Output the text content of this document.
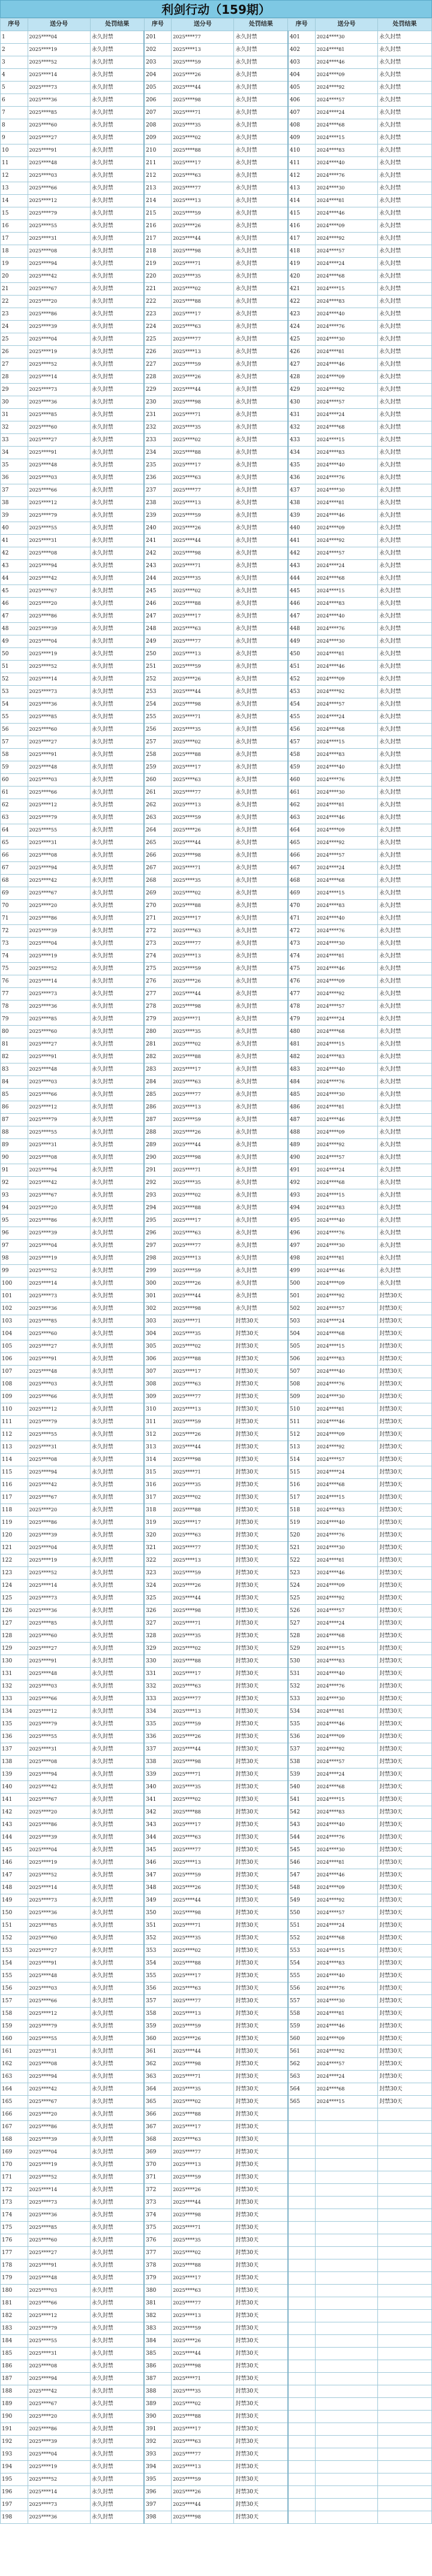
利剑行动（159期）
序号	送分号	处罚结果	序号	送分号	处罚结果	序号	送分号	处罚结果
1	2025****04	永久封禁	201	2025****77	永久封禁	401	2024****30	永久封禁
2	2025****19	永久封禁	202	2025****13	永久封禁	402	2024****81	永久封禁
3	2025****52	永久封禁	203	2025****59	永久封禁	403	2024****46	永久封禁
4	2025****14	永久封禁	204	2025****26	永久封禁	404	2024****09	永久封禁
5	2025****73	永久封禁	205	2025****44	永久封禁	405	2024****92	永久封禁
6	2025****36	永久封禁	206	2025****98	永久封禁	406	2024****57	永久封禁
7	2025****85	永久封禁	207	2025****71	永久封禁	407	2024****24	永久封禁
8	2025****60	永久封禁	208	2025****35	永久封禁	408	2024****68	永久封禁
9	2025****27	永久封禁	209	2025****02	永久封禁	409	2024****15	永久封禁
10	2025****91	永久封禁	210	2025****88	永久封禁	410	2024****83	永久封禁
11	2025****48	永久封禁	211	2025****17	永久封禁	411	2024****40	永久封禁
12	2025****03	永久封禁	212	2025****63	永久封禁	412	2024****76	永久封禁
13	2025****66	永久封禁	213	2025****77	永久封禁	413	2024****30	永久封禁
14	2025****12	永久封禁	214	2025****13	永久封禁	414	2024****81	永久封禁
15	2025****79	永久封禁	215	2025****59	永久封禁	415	2024****46	永久封禁
16	2025****55	永久封禁	216	2025****26	永久封禁	416	2024****09	永久封禁
17	2025****31	永久封禁	217	2025****44	永久封禁	417	2024****92	永久封禁
18	2025****08	永久封禁	218	2025****98	永久封禁	418	2024****57	永久封禁
19	2025****94	永久封禁	219	2025****71	永久封禁	419	2024****24	永久封禁
20	2025****42	永久封禁	220	2025****35	永久封禁	420	2024****68	永久封禁
21	2025****67	永久封禁	221	2025****02	永久封禁	421	2024****15	永久封禁
22	2025****20	永久封禁	222	2025****88	永久封禁	422	2024****83	永久封禁
23	2025****86	永久封禁	223	2025****17	永久封禁	423	2024****40	永久封禁
24	2025****39	永久封禁	224	2025****63	永久封禁	424	2024****76	永久封禁
25	2025****04	永久封禁	225	2025****77	永久封禁	425	2024****30	永久封禁
26	2025****19	永久封禁	226	2025****13	永久封禁	426	2024****81	永久封禁
27	2025****52	永久封禁	227	2025****59	永久封禁	427	2024****46	永久封禁
28	2025****14	永久封禁	228	2025****26	永久封禁	428	2024****09	永久封禁
29	2025****73	永久封禁	229	2025****44	永久封禁	429	2024****92	永久封禁
30	2025****36	永久封禁	230	2025****98	永久封禁	430	2024****57	永久封禁
31	2025****85	永久封禁	231	2025****71	永久封禁	431	2024****24	永久封禁
32	2025****60	永久封禁	232	2025****35	永久封禁	432	2024****68	永久封禁
33	2025****27	永久封禁	233	2025****02	永久封禁	433	2024****15	永久封禁
34	2025****91	永久封禁	234	2025****88	永久封禁	434	2024****83	永久封禁
35	2025****48	永久封禁	235	2025****17	永久封禁	435	2024****40	永久封禁
36	2025****03	永久封禁	236	2025****63	永久封禁	436	2024****76	永久封禁
37	2025****66	永久封禁	237	2025****77	永久封禁	437	2024****30	永久封禁
38	2025****12	永久封禁	238	2025****13	永久封禁	438	2024****81	永久封禁
39	2025****79	永久封禁	239	2025****59	永久封禁	439	2024****46	永久封禁
40	2025****55	永久封禁	240	2025****26	永久封禁	440	2024****09	永久封禁
41	2025****31	永久封禁	241	2025****44	永久封禁	441	2024****92	永久封禁
42	2025****08	永久封禁	242	2025****98	永久封禁	442	2024****57	永久封禁
43	2025****94	永久封禁	243	2025****71	永久封禁	443	2024****24	永久封禁
44	2025****42	永久封禁	244	2025****35	永久封禁	444	2024****68	永久封禁
45	2025****67	永久封禁	245	2025****02	永久封禁	445	2024****15	永久封禁
46	2025****20	永久封禁	246	2025****88	永久封禁	446	2024****83	永久封禁
47	2025****86	永久封禁	247	2025****17	永久封禁	447	2024****40	永久封禁
48	2025****39	永久封禁	248	2025****63	永久封禁	448	2024****76	永久封禁
49	2025****04	永久封禁	249	2025****77	永久封禁	449	2024****30	永久封禁
50	2025****19	永久封禁	250	2025****13	永久封禁	450	2024****81	永久封禁
51	2025****52	永久封禁	251	2025****59	永久封禁	451	2024****46	永久封禁
52	2025****14	永久封禁	252	2025****26	永久封禁	452	2024****09	永久封禁
53	2025****73	永久封禁	253	2025****44	永久封禁	453	2024****92	永久封禁
54	2025****36	永久封禁	254	2025****98	永久封禁	454	2024****57	永久封禁
55	2025****85	永久封禁	255	2025****71	永久封禁	455	2024****24	永久封禁
56	2025****60	永久封禁	256	2025****35	永久封禁	456	2024****68	永久封禁
57	2025****27	永久封禁	257	2025****02	永久封禁	457	2024****15	永久封禁
58	2025****91	永久封禁	258	2025****88	永久封禁	458	2024****83	永久封禁
59	2025****48	永久封禁	259	2025****17	永久封禁	459	2024****40	永久封禁
60	2025****03	永久封禁	260	2025****63	永久封禁	460	2024****76	永久封禁
61	2025****66	永久封禁	261	2025****77	永久封禁	461	2024****30	永久封禁
62	2025****12	永久封禁	262	2025****13	永久封禁	462	2024****81	永久封禁
63	2025****79	永久封禁	263	2025****59	永久封禁	463	2024****46	永久封禁
64	2025****55	永久封禁	264	2025****26	永久封禁	464	2024****09	永久封禁
65	2025****31	永久封禁	265	2025****44	永久封禁	465	2024****92	永久封禁
66	2025****08	永久封禁	266	2025****98	永久封禁	466	2024****57	永久封禁
67	2025****94	永久封禁	267	2025****71	永久封禁	467	2024****24	永久封禁
68	2025****42	永久封禁	268	2025****35	永久封禁	468	2024****68	永久封禁
69	2025****67	永久封禁	269	2025****02	永久封禁	469	2024****15	永久封禁
70	2025****20	永久封禁	270	2025****88	永久封禁	470	2024****83	永久封禁
71	2025****86	永久封禁	271	2025****17	永久封禁	471	2024****40	永久封禁
72	2025****39	永久封禁	272	2025****63	永久封禁	472	2024****76	永久封禁
73	2025****04	永久封禁	273	2025****77	永久封禁	473	2024****30	永久封禁
74	2025****19	永久封禁	274	2025****13	永久封禁	474	2024****81	永久封禁
75	2025****52	永久封禁	275	2025****59	永久封禁	475	2024****46	永久封禁
76	2025****14	永久封禁	276	2025****26	永久封禁	476	2024****09	永久封禁
77	2025****73	永久封禁	277	2025****44	永久封禁	477	2024****92	永久封禁
78	2025****36	永久封禁	278	2025****98	永久封禁	478	2024****57	永久封禁
79	2025****85	永久封禁	279	2025****71	永久封禁	479	2024****24	永久封禁
80	2025****60	永久封禁	280	2025****35	永久封禁	480	2024****68	永久封禁
81	2025****27	永久封禁	281	2025****02	永久封禁	481	2024****15	永久封禁
82	2025****91	永久封禁	282	2025****88	永久封禁	482	2024****83	永久封禁
83	2025****48	永久封禁	283	2025****17	永久封禁	483	2024****40	永久封禁
84	2025****03	永久封禁	284	2025****63	永久封禁	484	2024****76	永久封禁
85	2025****66	永久封禁	285	2025****77	永久封禁	485	2024****30	永久封禁
86	2025****12	永久封禁	286	2025****13	永久封禁	486	2024****81	永久封禁
87	2025****79	永久封禁	287	2025****59	永久封禁	487	2024****46	永久封禁
88	2025****55	永久封禁	288	2025****26	永久封禁	488	2024****09	永久封禁
89	2025****31	永久封禁	289	2025****44	永久封禁	489	2024****92	永久封禁
90	2025****08	永久封禁	290	2025****98	永久封禁	490	2024****57	永久封禁
91	2025****94	永久封禁	291	2025****71	永久封禁	491	2024****24	永久封禁
92	2025****42	永久封禁	292	2025****35	永久封禁	492	2024****68	永久封禁
93	2025****67	永久封禁	293	2025****02	永久封禁	493	2024****15	永久封禁
94	2025****20	永久封禁	294	2025****88	永久封禁	494	2024****83	永久封禁
95	2025****86	永久封禁	295	2025****17	永久封禁	495	2024****40	永久封禁
96	2025****39	永久封禁	296	2025****63	永久封禁	496	2024****76	永久封禁
97	2025****04	永久封禁	297	2025****77	永久封禁	497	2024****30	永久封禁
98	2025****19	永久封禁	298	2025****13	永久封禁	498	2024****81	永久封禁
99	2025****52	永久封禁	299	2025****59	永久封禁	499	2024****46	永久封禁
100	2025****14	永久封禁	300	2025****26	永久封禁	500	2024****09	永久封禁
101	2025****73	永久封禁	301	2025****44	永久封禁	501	2024****92	封禁30天
102	2025****36	永久封禁	302	2025****98	永久封禁	502	2024****57	封禁30天
103	2025****85	永久封禁	303	2025****71	封禁30天	503	2024****24	封禁30天
104	2025****60	永久封禁	304	2025****35	封禁30天	504	2024****68	封禁30天
105	2025****27	永久封禁	305	2025****02	封禁30天	505	2024****15	封禁30天
106	2025****91	永久封禁	306	2025****88	封禁30天	506	2024****83	封禁30天
107	2025****48	永久封禁	307	2025****17	封禁30天	507	2024****40	封禁30天
108	2025****03	永久封禁	308	2025****63	封禁30天	508	2024****76	封禁30天
109	2025****66	永久封禁	309	2025****77	封禁30天	509	2024****30	封禁30天
110	2025****12	永久封禁	310	2025****13	封禁30天	510	2024****81	封禁30天
111	2025****79	永久封禁	311	2025****59	封禁30天	511	2024****46	封禁30天
112	2025****55	永久封禁	312	2025****26	封禁30天	512	2024****09	封禁30天
113	2025****31	永久封禁	313	2025****44	封禁30天	513	2024****92	封禁30天
114	2025****08	永久封禁	314	2025****98	封禁30天	514	2024****57	封禁30天
115	2025****94	永久封禁	315	2025****71	封禁30天	515	2024****24	封禁30天
116	2025****42	永久封禁	316	2025****35	封禁30天	516	2024****68	封禁30天
117	2025****67	永久封禁	317	2025****02	封禁30天	517	2024****15	封禁30天
118	2025****20	永久封禁	318	2025****88	封禁30天	518	2024****83	封禁30天
119	2025****86	永久封禁	319	2025****17	封禁30天	519	2024****40	封禁30天
120	2025****39	永久封禁	320	2025****63	封禁30天	520	2024****76	封禁30天
121	2025****04	永久封禁	321	2025****77	封禁30天	521	2024****30	封禁30天
122	2025****19	永久封禁	322	2025****13	封禁30天	522	2024****81	封禁30天
123	2025****52	永久封禁	323	2025****59	封禁30天	523	2024****46	封禁30天
124	2025****14	永久封禁	324	2025****26	封禁30天	524	2024****09	封禁30天
125	2025****73	永久封禁	325	2025****44	封禁30天	525	2024****92	封禁30天
126	2025****36	永久封禁	326	2025****98	封禁30天	526	2024****57	封禁30天
127	2025****85	永久封禁	327	2025****71	封禁30天	527	2024****24	封禁30天
128	2025****60	永久封禁	328	2025****35	封禁30天	528	2024****68	封禁30天
129	2025****27	永久封禁	329	2025****02	封禁30天	529	2024****15	封禁30天
130	2025****91	永久封禁	330	2025****88	封禁30天	530	2024****83	封禁30天
131	2025****48	永久封禁	331	2025****17	封禁30天	531	2024****40	封禁30天
132	2025****03	永久封禁	332	2025****63	封禁30天	532	2024****76	封禁30天
133	2025****66	永久封禁	333	2025****77	封禁30天	533	2024****30	封禁30天
134	2025****12	永久封禁	334	2025****13	封禁30天	534	2024****81	封禁30天
135	2025****79	永久封禁	335	2025****59	封禁30天	535	2024****46	封禁30天
136	2025****55	永久封禁	336	2025****26	封禁30天	536	2024****09	封禁30天
137	2025****31	永久封禁	337	2025****44	封禁30天	537	2024****92	封禁30天
138	2025****08	永久封禁	338	2025****98	封禁30天	538	2024****57	封禁30天
139	2025****94	永久封禁	339	2025****71	封禁30天	539	2024****24	封禁30天
140	2025****42	永久封禁	340	2025****35	封禁30天	540	2024****68	封禁30天
141	2025****67	永久封禁	341	2025****02	封禁30天	541	2024****15	封禁30天
142	2025****20	永久封禁	342	2025****88	封禁30天	542	2024****83	封禁30天
143	2025****86	永久封禁	343	2025****17	封禁30天	543	2024****40	封禁30天
144	2025****39	永久封禁	344	2025****63	封禁30天	544	2024****76	封禁30天
145	2025****04	永久封禁	345	2025****77	封禁30天	545	2024****30	封禁30天
146	2025****19	永久封禁	346	2025****13	封禁30天	546	2024****81	封禁30天
147	2025****52	永久封禁	347	2025****59	封禁30天	547	2024****46	封禁30天
148	2025****14	永久封禁	348	2025****26	封禁30天	548	2024****09	封禁30天
149	2025****73	永久封禁	349	2025****44	封禁30天	549	2024****92	封禁30天
150	2025****36	永久封禁	350	2025****98	封禁30天	550	2024****57	封禁30天
151	2025****85	永久封禁	351	2025****71	封禁30天	551	2024****24	封禁30天
152	2025****60	永久封禁	352	2025****35	封禁30天	552	2024****68	封禁30天
153	2025****27	永久封禁	353	2025****02	封禁30天	553	2024****15	封禁30天
154	2025****91	永久封禁	354	2025****88	封禁30天	554	2024****83	封禁30天
155	2025****48	永久封禁	355	2025****17	封禁30天	555	2024****40	封禁30天
156	2025****03	永久封禁	356	2025****63	封禁30天	556	2024****76	封禁30天
157	2025****66	永久封禁	357	2025****77	封禁30天	557	2024****30	封禁30天
158	2025****12	永久封禁	358	2025****13	封禁30天	558	2024****81	封禁30天
159	2025****79	永久封禁	359	2025****59	封禁30天	559	2024****46	封禁30天
160	2025****55	永久封禁	360	2025****26	封禁30天	560	2024****09	封禁30天
161	2025****31	永久封禁	361	2025****44	封禁30天	561	2024****92	封禁30天
162	2025****08	永久封禁	362	2025****98	封禁30天	562	2024****57	封禁30天
163	2025****94	永久封禁	363	2025****71	封禁30天	563	2024****24	封禁30天
164	2025****42	永久封禁	364	2025****35	封禁30天	564	2024****68	封禁30天
165	2025****67	永久封禁	365	2025****02	封禁30天	565	2024****15	封禁30天
166	2025****20	永久封禁	366	2025****88	封禁30天			
167	2025****86	永久封禁	367	2025****17	封禁30天			
168	2025****39	永久封禁	368	2025****63	封禁30天			
169	2025****04	永久封禁	369	2025****77	封禁30天			
170	2025****19	永久封禁	370	2025****13	封禁30天			
171	2025****52	永久封禁	371	2025****59	封禁30天			
172	2025****14	永久封禁	372	2025****26	封禁30天			
173	2025****73	永久封禁	373	2025****44	封禁30天			
174	2025****36	永久封禁	374	2025****98	封禁30天			
175	2025****85	永久封禁	375	2025****71	封禁30天			
176	2025****60	永久封禁	376	2025****35	封禁30天			
177	2025****27	永久封禁	377	2025****02	封禁30天			
178	2025****91	永久封禁	378	2025****88	封禁30天			
179	2025****48	永久封禁	379	2025****17	封禁30天			
180	2025****03	永久封禁	380	2025****63	封禁30天			
181	2025****66	永久封禁	381	2025****77	封禁30天			
182	2025****12	永久封禁	382	2025****13	封禁30天			
183	2025****79	永久封禁	383	2025****59	封禁30天			
184	2025****55	永久封禁	384	2025****26	封禁30天			
185	2025****31	永久封禁	385	2025****44	封禁30天			
186	2025****08	永久封禁	386	2025****98	封禁30天			
187	2025****94	永久封禁	387	2025****71	封禁30天			
188	2025****42	永久封禁	388	2025****35	封禁30天			
189	2025****67	永久封禁	389	2025****02	封禁30天			
190	2025****20	永久封禁	390	2025****88	封禁30天			
191	2025****86	永久封禁	391	2025****17	封禁30天			
192	2025****39	永久封禁	392	2025****63	封禁30天			
193	2025****04	永久封禁	393	2025****77	封禁30天			
194	2025****19	永久封禁	394	2025****13	封禁30天			
195	2025****52	永久封禁	395	2025****59	封禁30天			
196	2025****14	永久封禁	396	2025****26	封禁30天			
197	2025****73	永久封禁	397	2025****44	封禁30天			
198	2025****36	永久封禁	398	2025****98	封禁30天			
